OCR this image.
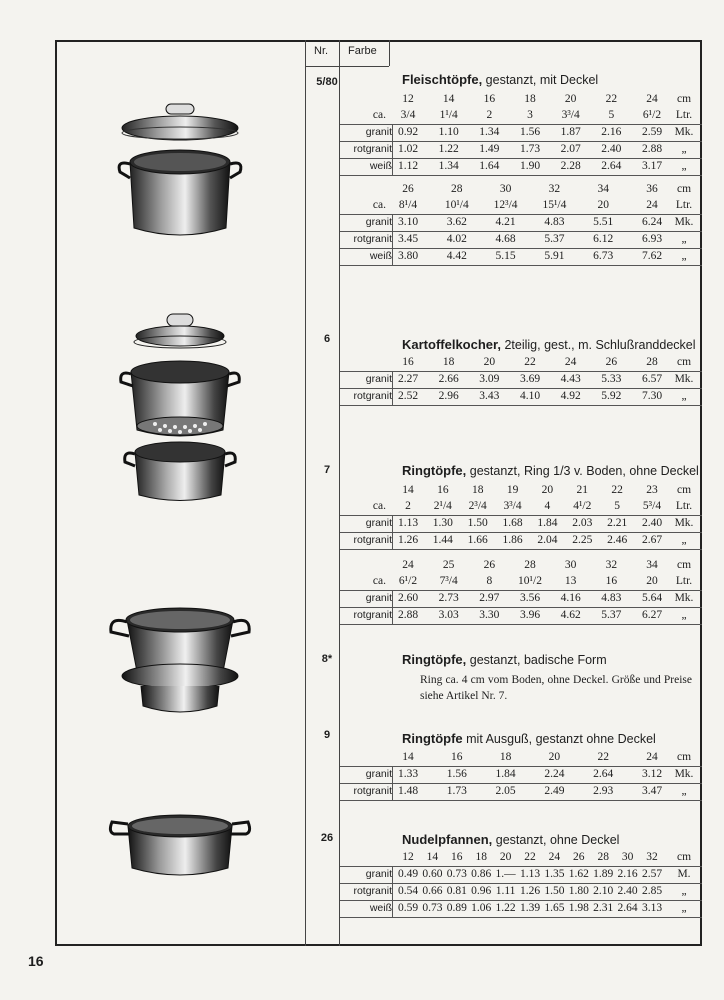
Nr. Farbe
5/80	Fleischtöpfe, gestanzt, mit Deckel
12	14	16	18	20	22	24	cm
ca.	3/4	1¹/4	2	3	3³/4	5	6¹/2	Ltr.
granit 0.92 1.10 1.34 1.56 1.87 2.16 2.59	Mk.
rotgranit 1.02 1.22 1.49 1.73 2.07 2.40 2.88	„
weiß 1.12 1.34 1.64 1.90 2.28 2.64 3.17	„
26	28	30	32	34	36	cm
ca.	8¹/4	10¹/4 12³/4 15¹/4	20	24	Ltr.
granit 3.10 3.62 4.21 4.83 5.51 6.24	Mk.
rotgranit 3.45 4.02 4.68 5.37 6.12 6.93	„
weiß 3.80 4.42 5.15 5.91 6.73 7.62	„
6	Kartoffelkocher, 2teilig, gest., m. Schlußranddeckel
16	18	20	22	24	26	28	cm
granit 2.27 2.66 3.09 3.69 4.43 5.33 6.57	Mk.
rotgranit 2.52 2.96 3.43 4.10 4.92 5.92 7.30	„
7	Ringtöpfe, gestanzt, Ring 1/3 v. Boden, ohne Deckel
14	16	18	19	20	21	22	23	cm
ca.	2	2¹/4	2³/4	3³/4	4	4¹/2	5	5³/4	Ltr.
granit 1.13 1.30 1.50 1.68 1.84 2.03 2.21 2.40	Mk.
rotgranit 1.26 1.44 1.66 1.86 2.04 2.25 2.46 2.67	„
24	25	26	28	30	32	34	cm
ca.	6¹/2	7³/4	8	10¹/2	13	16	20	Ltr.
granit 2.60 2.73 2.97 3.56 4.16 4.83 5.64	Mk.
rotgranit 2.88 3.03 3.30 3.96 4.62 5.37 6.27	„
8*	Ringtöpfe, gestanzt, badische Form
Ring ca. 4 cm vom Boden, ohne Deckel. Größe und Preise siehe Artikel Nr. 7.
9	Ringtöpfe mit Ausguß, gestanzt ohne Deckel
14	16	18	20	22	24	cm
granit 1.33 1.56 1.84 2.24 2.64 3.12	Mk.
rotgranit 1.48 1.73 2.05 2.49 2.93 3.47	„
26	Nudelpfannen, gestanzt, ohne Deckel
12	14	16	18	20	22	24	26	28	30	32	cm
granit 0.49 0.60 0.73 0.86 1.— 1.13 1.35 1.62 1.89 2.16 2.57	M.
rotgranit 0.54 0.66 0.81 0.96 1.11 1.26 1.50 1.80 2.10 2.40 2.85	„
weiß 0.59 0.73 0.89 1.06 1.22 1.39 1.65 1.98 2.31 2.64 3.13	„
16
